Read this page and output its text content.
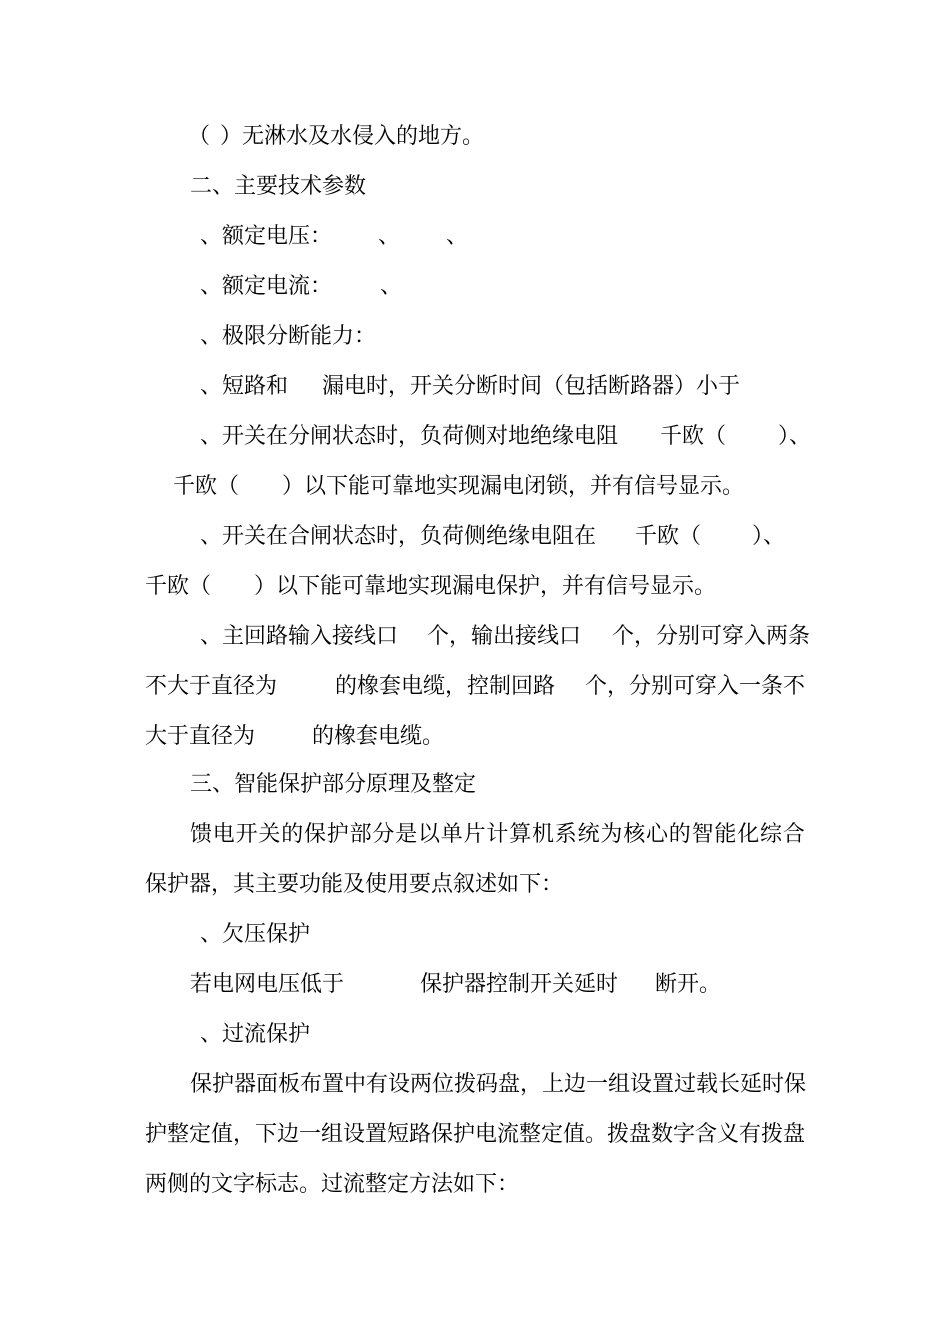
（ ）无淋水及水侵入的地方。
二、主要技术参数
、额定电压： 、 、
、额定电流： 、
、极限分断能力：
、短路和 漏电时，开关分断时间（包括断路器）小于
、开关在分闸状态时，负荷侧对地绝缘电阻 千欧（ ）、
千欧（ ）以下能可靠地实现漏电闭锁，并有信号显示。
、开关在合闸状态时，负荷侧绝缘电阻在 千欧（ ）、
千欧（ ）以下能可靠地实现漏电保护，并有信号显示。
、主回路输入接线口 个，输出接线口 个，分别可穿入两条
不大于直径为	的橡套电缆，控制回路 个，分别可穿入一条不
大于直径为	的橡套电缆。
三、智能保护部分原理及整定
馈电开关的保护部分是以单片计算机系统为核心的智能化综合
保护器，其主要功能及使用要点叙述如下：
、欠压保护
若电网电压低于	保护器控制开关延时 断开。
、过流保护
保护器面板布置中有设两位拨码盘，上边一组设置过载长延时保
护整定值，下边一组设置短路保护电流整定值。拨盘数字含义有拨盘
两侧的文字标志。过流整定方法如下：
